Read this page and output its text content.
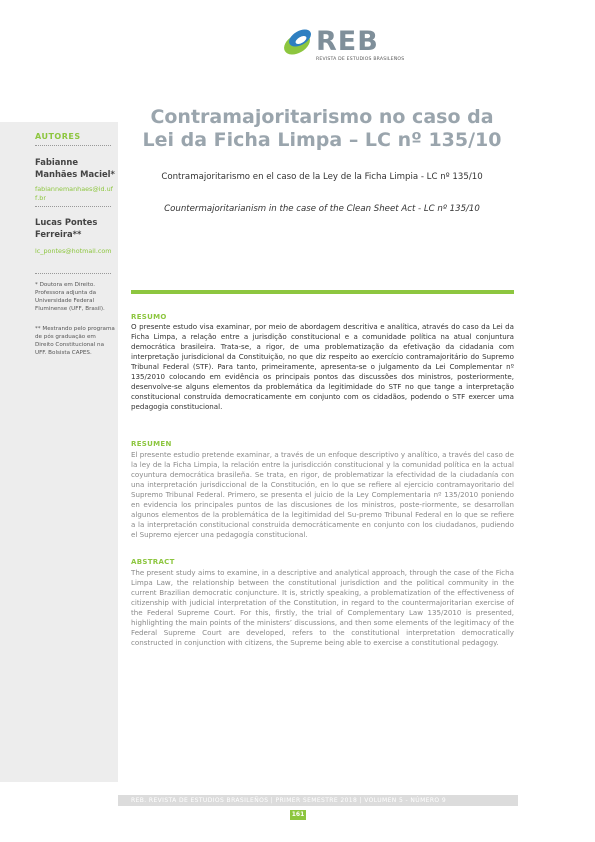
REB
REVISTA DE ESTUDIOS BRASILEÑOS
AUTORES
Fabianne Manhães Maciel*
fabiannemanhaes@id.uff.br
Lucas Pontes Ferreira**
lc_pontes@hotmail.com
* Doutora em Direito. Professora adjunta da Universidade Federal Fluminense (UFF, Brasil).
** Mestrando pelo programa de pós graduação em Direito Constitucional na UFF. Bolsista CAPES.
Contramajoritarismo no caso da Lei da Ficha Limpa – LC nº 135/10
Contramajoritarismo en el caso de la Ley de la Ficha Limpia - LC nº 135/10
Countermajoritarianism in the case of the Clean Sheet Act - LC nº 135/10
RESUMO
O presente estudo visa examinar, por meio de abordagem descritiva e analítica, através do caso da Lei da Ficha Limpa, a relação entre a jurisdição constitucional e a comunidade política na atual conjuntura democrática brasileira. Trata-se, a rigor, de uma problematização da efetivação da cidadania com interpretação jurisdicional da Constituição, no que diz respeito ao exercício contramajoritário do Supremo Tribunal Federal (STF). Para tanto, primeiramente, apresenta-se o julgamento da Lei Complementar nº 135/2010 colocando em evidência os principais pontos das discussões dos ministros, posteriormente, desenvolve-se alguns elementos da problemática da legitimidade do STF no que tange a interpretação constitucional construída democraticamente em conjunto com os cidadãos, podendo o STF exercer uma pedagogia constitucional.
RESUMEN
El presente estudio pretende examinar, a través de un enfoque descriptivo y analítico, a través del caso de la ley de la Ficha Limpia, la relación entre la jurisdicción constitucional y la comunidad política en la actual coyuntura democrática brasileña. Se trata, en rigor, de problematizar la efectividad de la ciudadanía con una interpretación jurisdiccional de la Constitución, en lo que se refiere al ejercicio contramayoritario del Supremo Tribunal Federal. Primero, se presenta el juicio de la Ley Complementaria nº 135/2010 poniendo en evidencia los principales puntos de las discusiones de los ministros, poste-riormente, se desarrollan algunos elementos de la problemática de la legitimidad del Su-premo Tribunal Federal en lo que se refiere a la interpretación constitucional construida democráticamente en conjunto con los ciudadanos, pudiendo el Supremo ejercer una pedagogía constitucional.
ABSTRACT
The present study aims to examine, in a descriptive and analytical approach, through the case of the Ficha Limpa Law, the relationship between the constitutional jurisdiction and the political community in the current Brazilian democratic conjuncture. It is, strictly speaking, a problematization of the effectiveness of citizenship with judicial interpretation of the Constitution, in regard to the countermajoritarian exercise of the Federal Supreme Court. For this, firstly, the trial of Complementary Law 135/2010 is presented, highlighting the main points of the ministers’ discussions, and then some elements of the legitimacy of the Federal Supreme Court are developed, refers to the constitutional interpretation democratically constructed in conjunction with citizens, the Supreme being able to exercise a constitutional pedagogy.
REB. REVISTA DE ESTUDIOS BRASILEÑOS | PRIMER SEMESTRE 2018 | VOLUMEN 5 - NÚMERO 9
161
